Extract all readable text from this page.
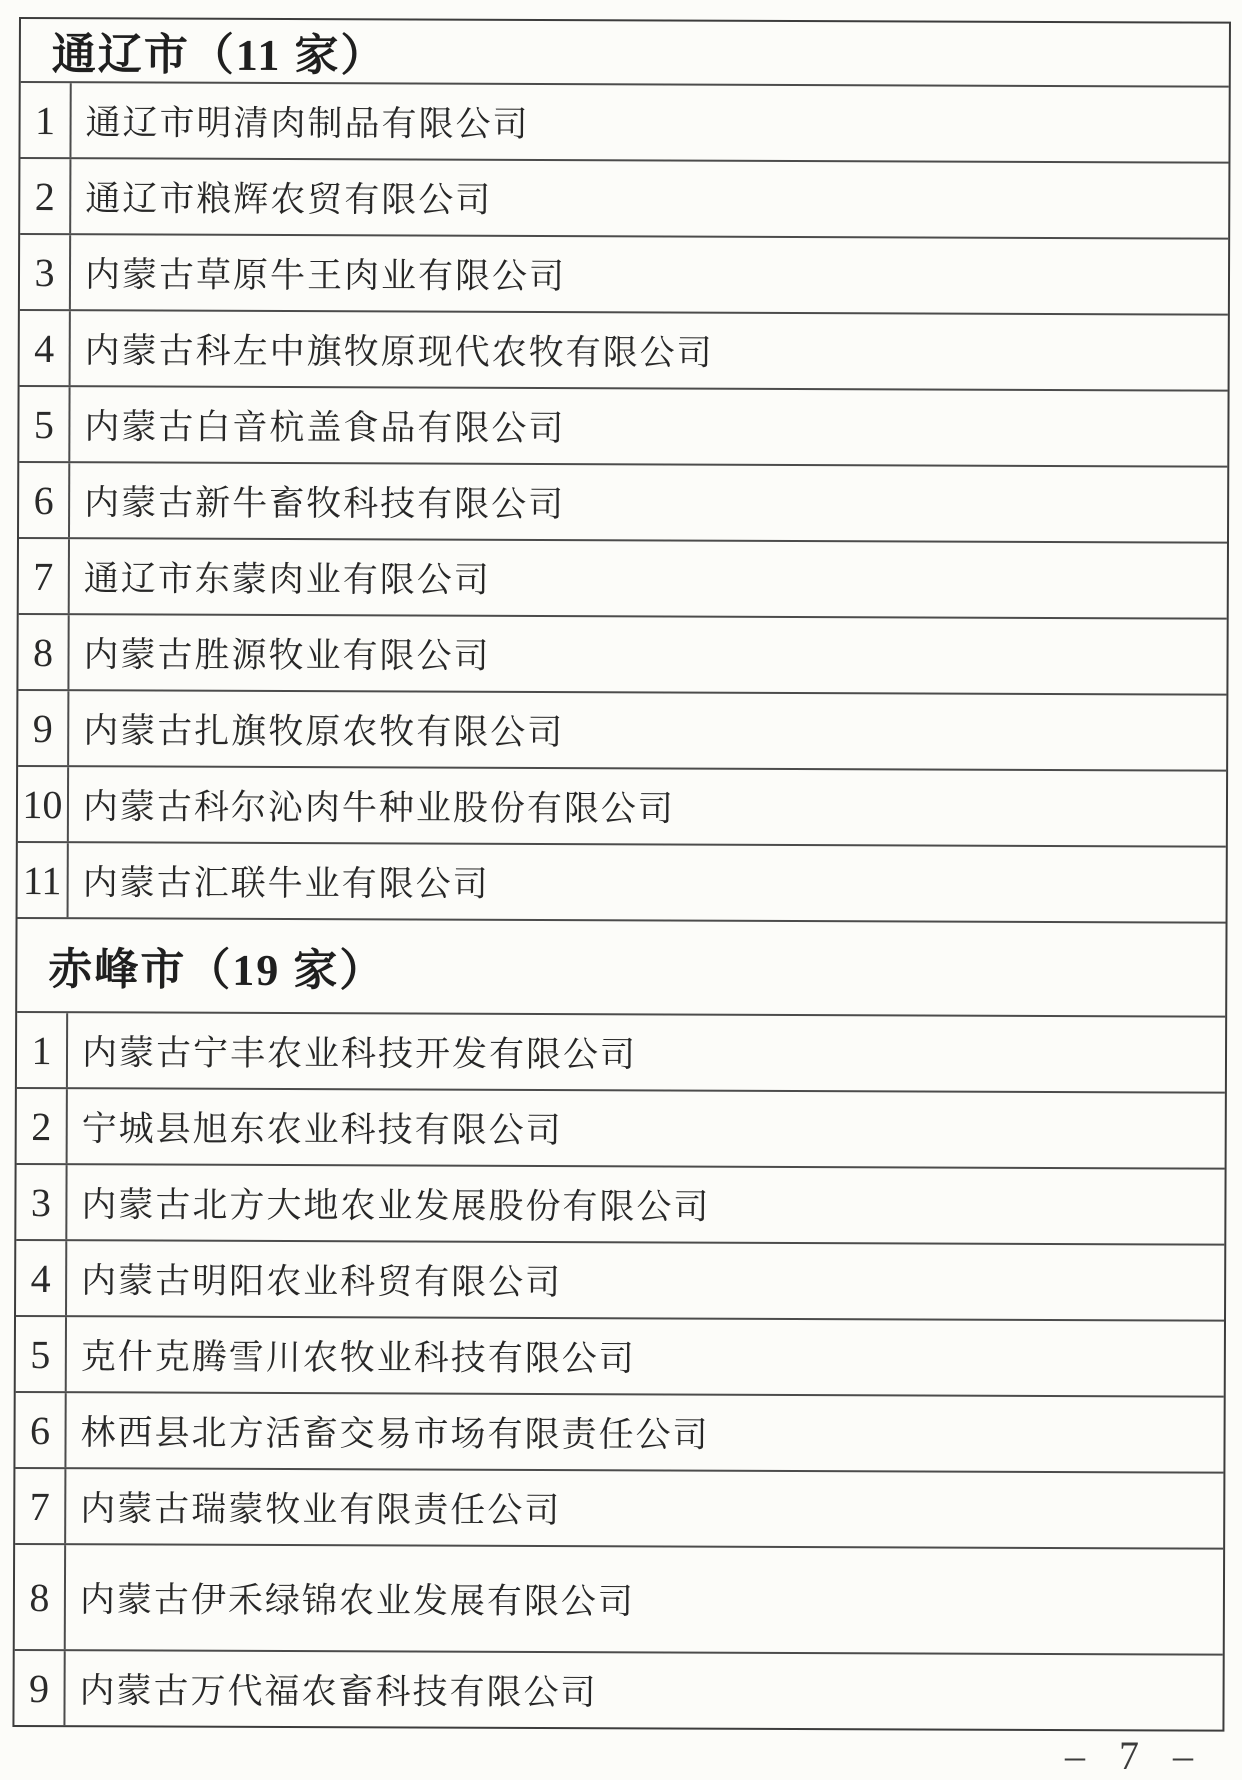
通辽市（11 家）
1 通辽市明清肉制品有限公司
2 通辽市粮辉农贸有限公司
3 内蒙古草原牛王肉业有限公司
4 内蒙古科左中旗牧原现代农牧有限公司
5 内蒙古白音杭盖食品有限公司
6 内蒙古新牛畜牧科技有限公司
7 通辽市东蒙肉业有限公司
8 内蒙古胜源牧业有限公司
9 内蒙古扎旗牧原农牧有限公司
10 内蒙古科尔沁肉牛种业股份有限公司
11 内蒙古汇联牛业有限公司
赤峰市（19 家）
1 内蒙古宁丰农业科技开发有限公司
2 宁城县旭东农业科技有限公司
3 内蒙古北方大地农业发展股份有限公司
4 内蒙古明阳农业科贸有限公司
5 克什克腾雪川农牧业科技有限公司
6 林西县北方活畜交易市场有限责任公司
7 内蒙古瑞蒙牧业有限责任公司
8 内蒙古伊禾绿锦农业发展有限公司
9 内蒙古万代福农畜科技有限公司
– 7 –
